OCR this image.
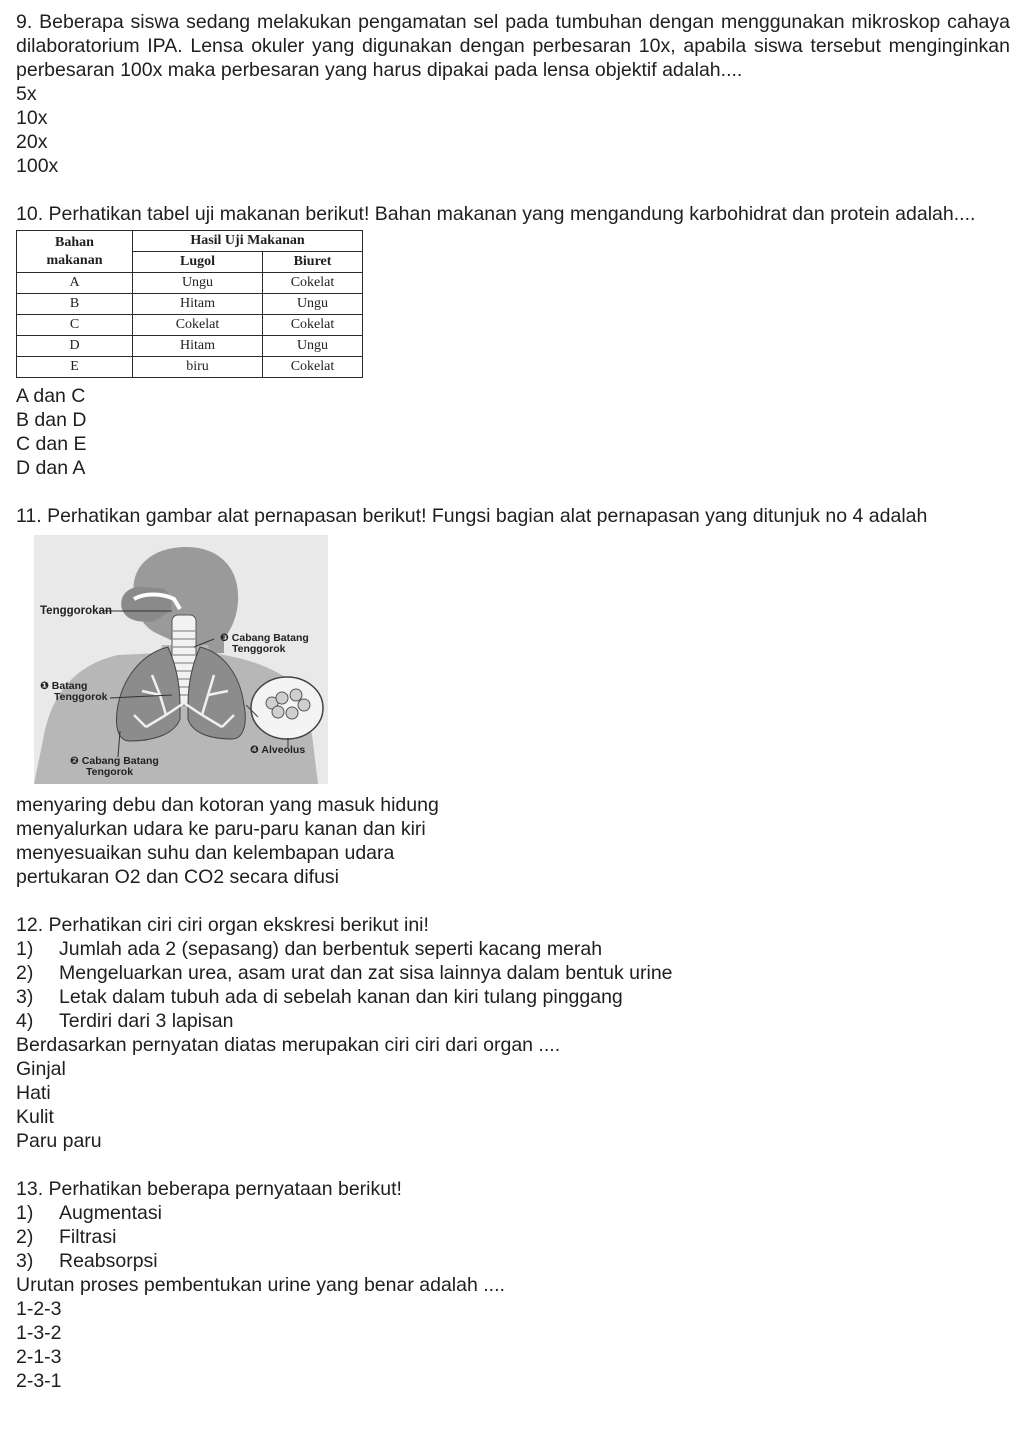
9. Beberapa siswa sedang melakukan pengamatan sel pada tumbuhan dengan menggunakan mikroskop cahaya dilaboratorium IPA. Lensa okuler yang digunakan dengan perbesaran 10x, apabila siswa tersebut menginginkan perbesaran 100x maka perbesaran yang harus dipakai pada lensa objektif adalah....

5x

10x

20x

100x

10. Perhatikan tabel uji makanan berikut! Bahan makanan yang mengandung karbohidrat dan protein adalah....

Bahan
makanan	Hasil Uji Makanan	
	Lugol	Biuret
A	Ungu	Cokelat
B	Hitam	Ungu
C	Cokelat	Cokelat
D	Hitam	Ungu
E	biru	Cokelat

A dan C

B dan D

C dan E

D dan A

11. Perhatikan gambar alat pernapasan berikut! Fungsi bagian alat pernapasan yang ditunjuk no 4 adalah

Tenggorokan
❸ Cabang Batang
Tenggorok
❶ Batang
Tenggorok
❹ Alveolus
❷ Cabang Batang
Tengorok

menyaring debu dan kotoran yang masuk hidung

menyalurkan udara ke paru-paru kanan dan kiri

menyesuaikan suhu dan kelembapan udara

pertukaran O2 dan CO2 secara difusi

12. Perhatikan ciri ciri organ ekskresi berikut ini!

1) Jumlah ada 2 (sepasang) dan berbentuk seperti kacang merah

2) Mengeluarkan urea, asam urat dan zat sisa lainnya dalam bentuk urine

3) Letak dalam tubuh ada di sebelah kanan dan kiri tulang pinggang

4) Terdiri dari 3 lapisan

Berdasarkan pernyatan diatas merupakan ciri ciri dari organ ....

Ginjal

Hati

Kulit

Paru paru

13. Perhatikan beberapa pernyataan berikut!

1) Augmentasi

2) Filtrasi

3) Reabsorpsi

Urutan proses pembentukan urine yang benar adalah ....

1-2-3

1-3-2

2-1-3

2-3-1
